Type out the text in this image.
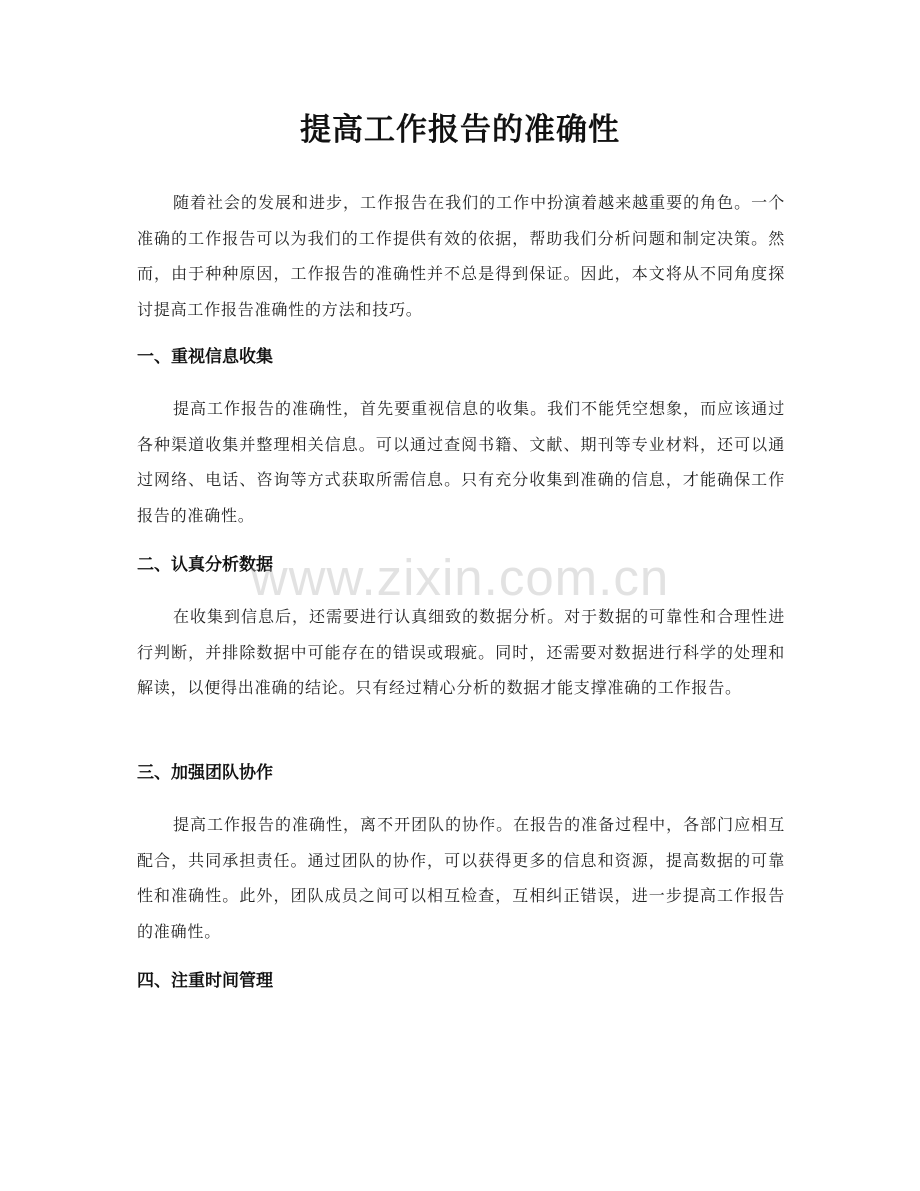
提高工作报告的准确性

随着社会的发展和进步，工作报告在我们的工作中扮演着越来越重要的角色。一个准确的工作报告可以为我们的工作提供有效的依据，帮助我们分析问题和制定决策。然而，由于种种原因，工作报告的准确性并不总是得到保证。因此，本文将从不同角度探讨提高工作报告准确性的方法和技巧。

一、重视信息收集

提高工作报告的准确性，首先要重视信息的收集。我们不能凭空想象，而应该通过各种渠道收集并整理相关信息。可以通过查阅书籍、文献、期刊等专业材料，还可以通过网络、电话、咨询等方式获取所需信息。只有充分收集到准确的信息，才能确保工作报告的准确性。

二、认真分析数据

在收集到信息后，还需要进行认真细致的数据分析。对于数据的可靠性和合理性进行判断，并排除数据中可能存在的错误或瑕疵。同时，还需要对数据进行科学的处理和解读，以便得出准确的结论。只有经过精心分析的数据才能支撑准确的工作报告。

三、加强团队协作

提高工作报告的准确性，离不开团队的协作。在报告的准备过程中，各部门应相互配合，共同承担责任。通过团队的协作，可以获得更多的信息和资源，提高数据的可靠性和准确性。此外，团队成员之间可以相互检查，互相纠正错误，进一步提高工作报告的准确性。

四、注重时间管理
www.zixin.com.cn
